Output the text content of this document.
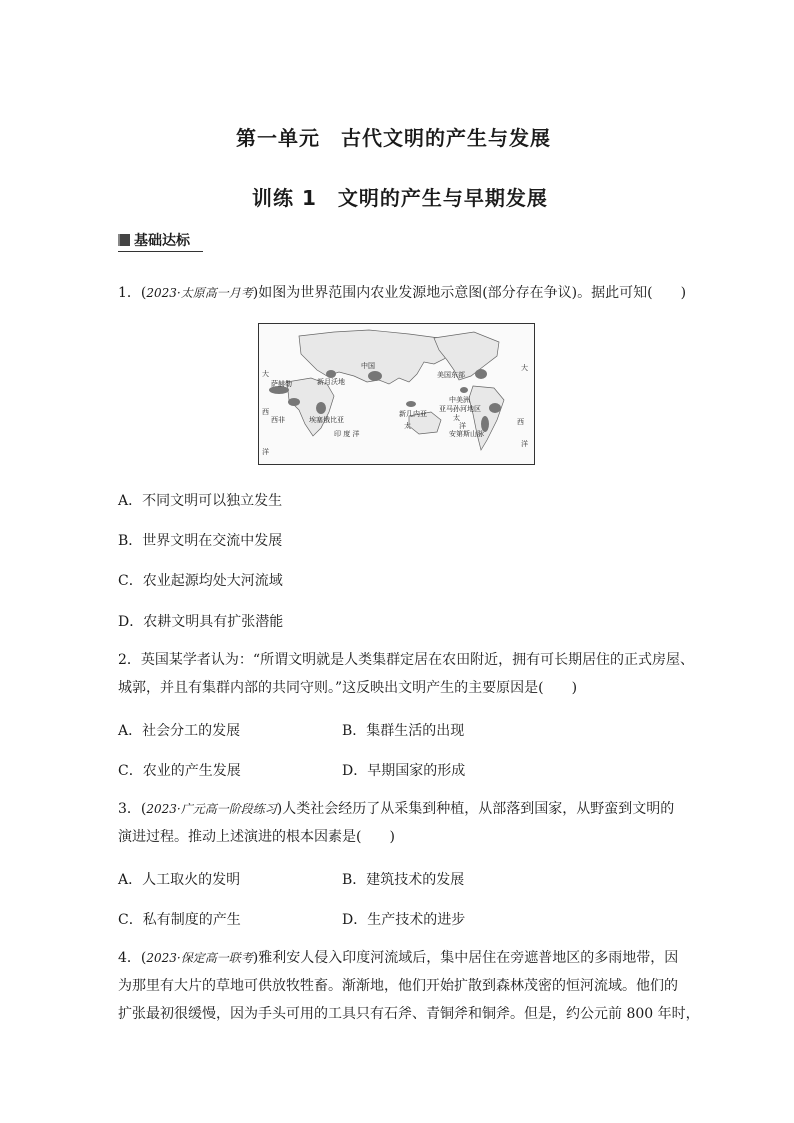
第一单元　古代文明的产生与发展
训练 1　文明的产生与早期发展
基础达标
1．(2023·太原高一月考)如图为世界范围内农业发源地示意图(部分存在争议)。据此可知(　　)
大
萨赫勒	新月沃地
中国
美国东部
大
西
西非	埃塞俄比亚
新几内亚
中美洲
亚马孙河地区
西
太
洋
印 度 洋
太
洋
安第斯山脉
洋
A．不同文明可以独立发生
B．世界文明在交流中发展
C．农业起源均处大河流域
D．农耕文明具有扩张潜能
2．英国某学者认为：“所谓文明就是人类集群定居在农田附近，拥有可长期居住的正式房屋、
城郭，并且有集群内部的共同守则。”这反映出文明产生的主要原因是(　　)
A．社会分工的发展	B．集群生活的出现
C．农业的产生发展	D．早期国家的形成
3．(2023·广元高一阶段练习)人类社会经历了从采集到种植，从部落到国家，从野蛮到文明的
演进过程。推动上述演进的根本因素是(　　)
A．人工取火的发明	B．建筑技术的发展
C．私有制度的产生	D．生产技术的进步
4．(2023·保定高一联考)雅利安人侵入印度河流域后，集中居住在旁遮普地区的多雨地带，因
为那里有大片的草地可供放牧牲畜。渐渐地，他们开始扩散到森林茂密的恒河流域。他们的
扩张最初很缓慢，因为手头可用的工具只有石斧、青铜斧和铜斧。但是，约公元前 800 年时，
